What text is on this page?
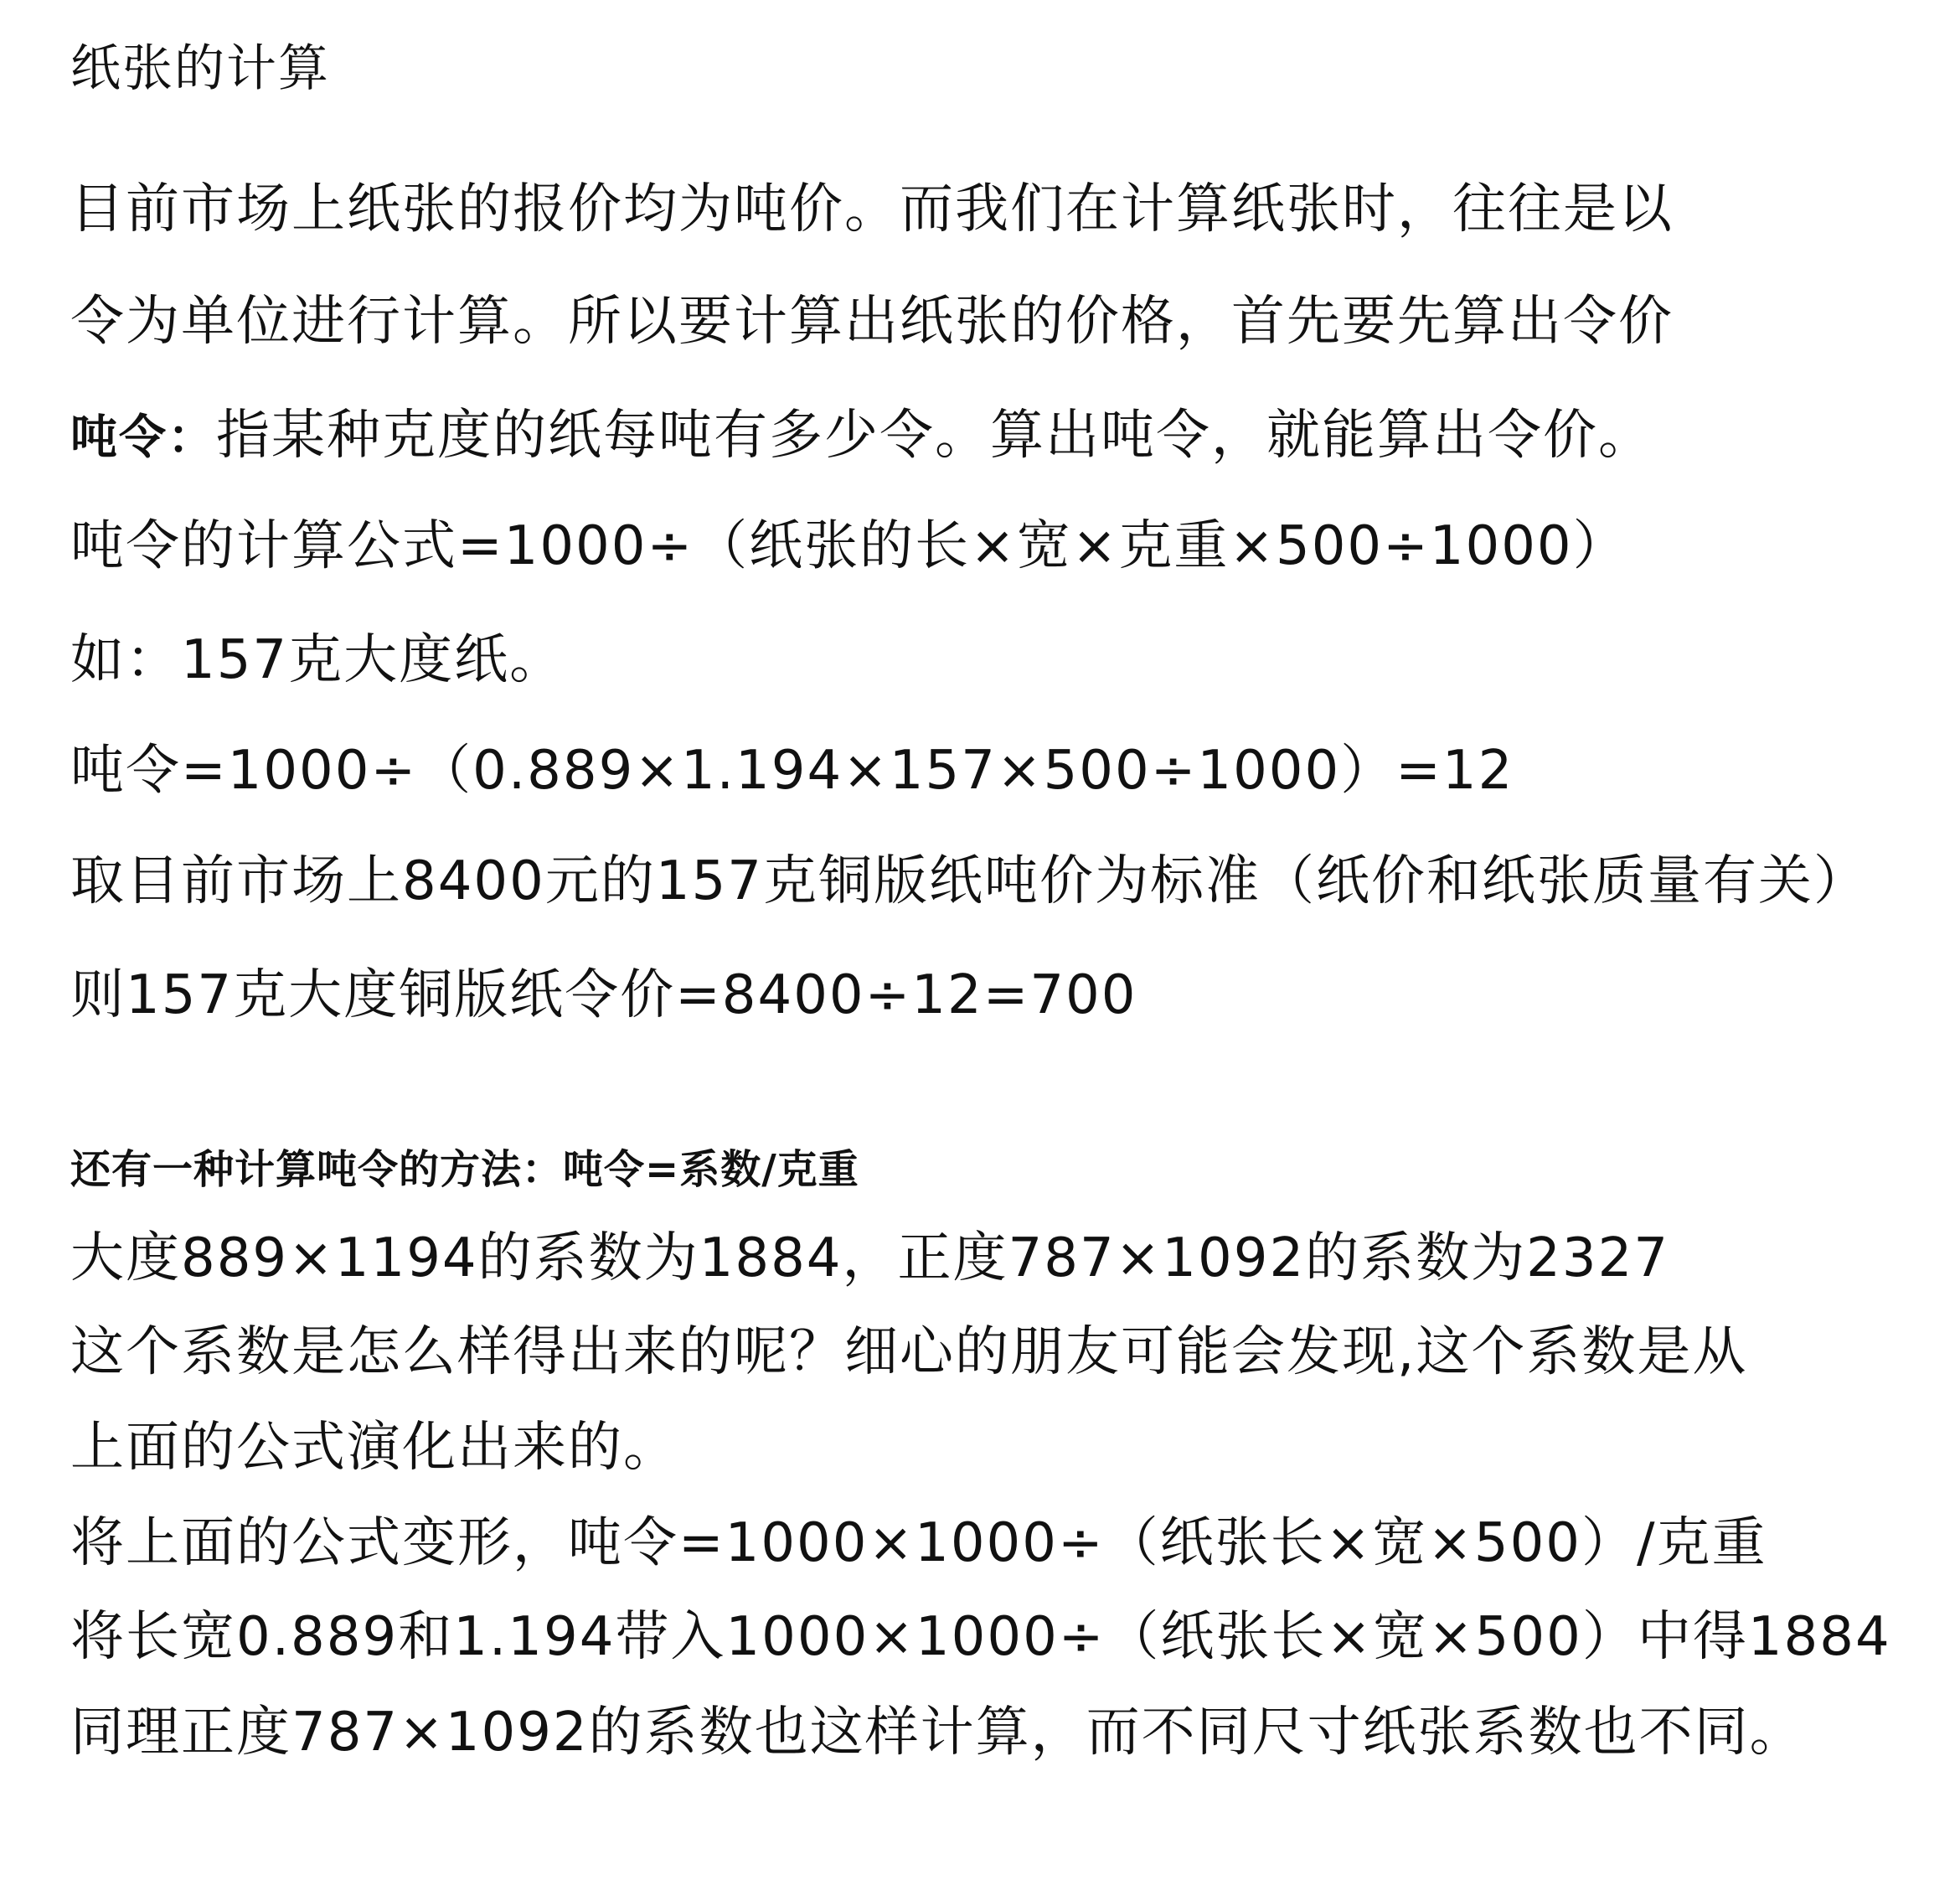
纸张的计算
目前市场上纸张的报价均为吨价。而我们在计算纸张时，往往是以
令为单位进行计算。所以要计算出纸张的价格，首先要先算出令价
吨令：指某种克度的纸每吨有多少令。算出吨令，就能算出令价。
吨令的计算公式=1000÷（纸张的长×宽×克重×500÷1000）
如：157克大度纸。
吨令=1000÷（0.889×1.194×157×500÷1000）=12
取目前市场上8400元的157克铜版纸吨价为标准（纸价和纸张质量有关）
则157克大度铜版纸令价=8400÷12=700
还有一种计算吨令的方法：吨令=系数/克重
大度889×1194的系数为1884，正度787×1092的系数为2327
这个系数是怎么样得出来的呢？细心的朋友可能会发现,这个系数是从
上面的公式演化出来的。
将上面的公式变形，吨令=1000×1000÷（纸张长×宽×500）/克重
将长宽0.889和1.194带入1000×1000÷（纸张长×宽×500）中得1884
同理正度787×1092的系数也这样计算，而不同尺寸纸张系数也不同。
